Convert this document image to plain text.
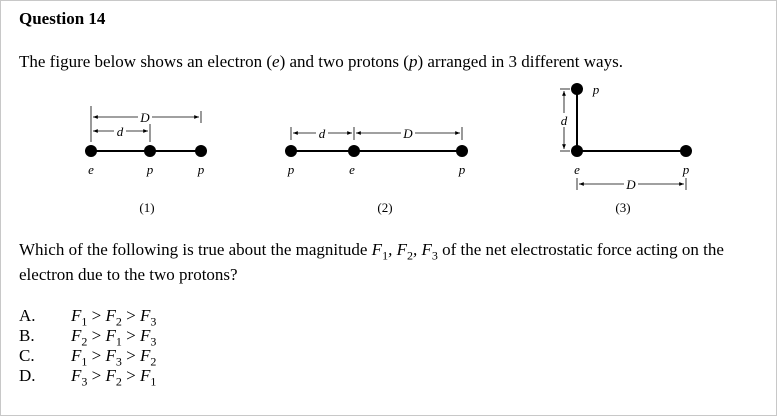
Question 14
The figure below shows an electron (e) and two protons (p) arranged in 3 different ways.
D
d
e	p	p
(1)
d	D
p	e	p
(2)
d
p
e	p
D
(3)
Which of the following is true about the magnitude $F_1$, $F_2$, $F_3$ of the net electrostatic force acting on the electron due to the two protons?
A. $F_1 > F_2 > F_3$
B. $F_2 > F_1 > F_3$
C. $F_1 > F_3 > F_2$
D. $F_3 > F_2 > F_1$
